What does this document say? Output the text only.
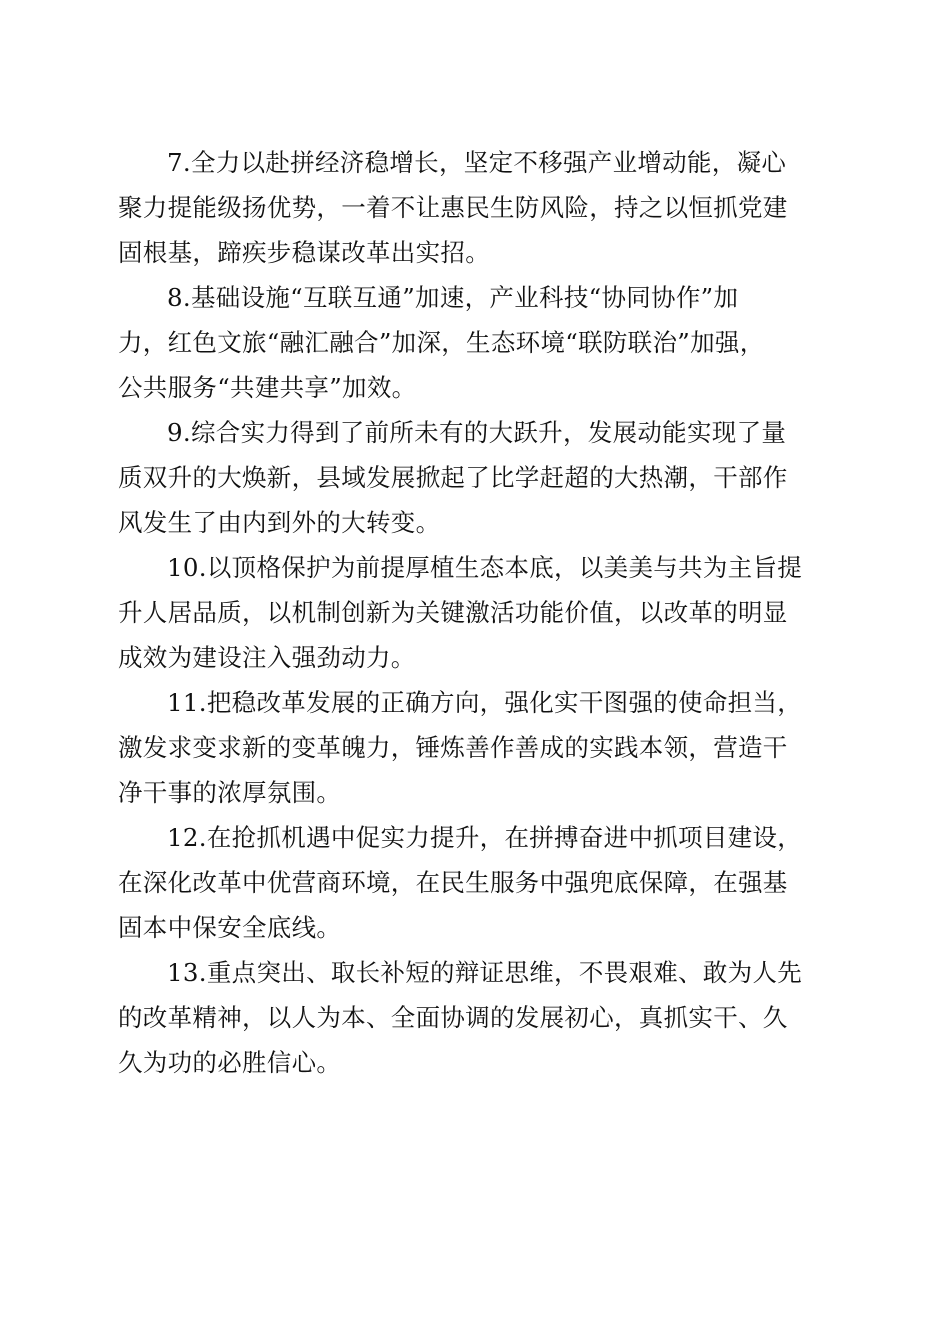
7.全力以赴拼经济稳增长，坚定不移强产业增动能，凝心
聚力提能级扬优势，一着不让惠民生防风险，持之以恒抓党建
固根基，蹄疾步稳谋改革出实招。

8.基础设施“互联互通”加速，产业科技“协同协作”加
力，红色文旅“融汇融合”加深，生态环境“联防联治”加强，
公共服务“共建共享”加效。

9.综合实力得到了前所未有的大跃升，发展动能实现了量
质双升的大焕新，县域发展掀起了比学赶超的大热潮，干部作
风发生了由内到外的大转变。

10.以顶格保护为前提厚植生态本底，以美美与共为主旨提
升人居品质，以机制创新为关键激活功能价值，以改革的明显
成效为建设注入强劲动力。

11.把稳改革发展的正确方向，强化实干图强的使命担当，
激发求变求新的变革魄力，锤炼善作善成的实践本领，营造干
净干事的浓厚氛围。

12.在抢抓机遇中促实力提升，在拼搏奋进中抓项目建设，
在深化改革中优营商环境，在民生服务中强兜底保障，在强基
固本中保安全底线。

13.重点突出、取长补短的辩证思维，不畏艰难、敢为人先
的改革精神，以人为本、全面协调的发展初心，真抓实干、久
久为功的必胜信心。
